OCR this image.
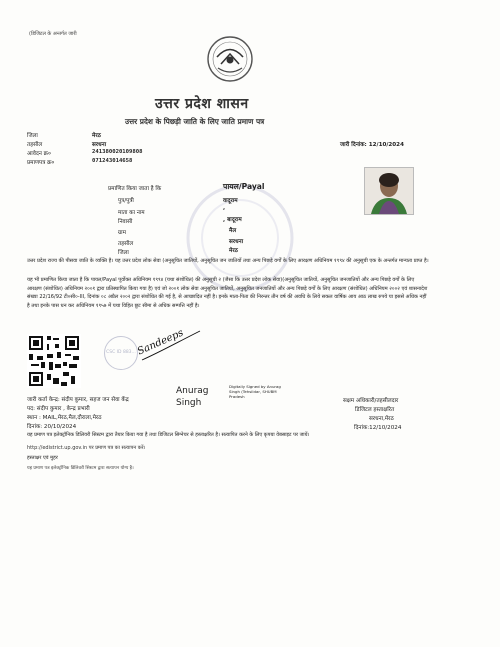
(डिजिटल के अन्तर्गत जारी
उत्तर प्रदेश शासन
उत्तर प्रदेश के पिछड़ी जाति के लिए जाति प्रमाण पत्र
जिला	मेरठ
तहसील	सरधना
आवेदन क्र०	241380020109808
प्रमाणपत्र क्र०	071243014658
जारी दिनांक: 12/10/2024
प्रमाणित किया जाता है कि	पायल/Payal
पुत्र/पुत्री	वादूराम
माता का नाम
,
निवासी	, बादूराम
ग्राम	मैल
तहसील	सरधना
जिला	मेरठ
उत्तर प्रदेश राज्य की पीसवा जाति के व्यक्ति है। यह उत्तर प्रदेश लोक सेवा (अनुसूचित जातियों, अनुसूचित जन जातियों तथा अन्य पिछड़े वर्गों के लिए आरक्षण अधिनियम १९९४ की अनुसूची एक के अन्तर्गत मान्यता प्राप्त है।
यह भी प्रमाणित किया जाता है कि पायल/Payal पूर्वोक्त अधिनियम १९९४ (यथा संशोधित) की अनुसूची २ (जैसा कि उत्तर प्रदेश लोक सेवा)(अनुसूचित जातियों, अनुसूचित जनजातियों और अन्य पिछड़े वर्गों के लिए आरक्षण (संशोधित) अधिनियम २००१ द्वारा प्रतिस्थापित किया गया है) एवं जो २००१ लोक सेवा अनुसूचित जातियों, अनुसूचित जनजातियों और अन्य पिछड़े वर्गों के लिए आरक्षण (संशोधित) अधिनियम २००२ एवं शासनादेश संख्या 22/16/92 टी०सी०-III, दिनांक ०८ अप्रैल २००२ द्वारा संशोधित की गई है, से आच्छादित नहीं है। इनके माता-पिता की निरन्तर तीन वर्ष की अवधि के लिये सकल वार्षिक आय आठ लाख रुपये या इससे अधिक नहीं है तथा इनके पास धन कर अधिनियम १९५७ में यथा विहित छूट सीमा से अधिक सम्पत्ति नहीं है।
CSC ID 883... Sandeeps
Anurag Singh
Digitally Signed by Anurag Singh (Tehsildar, SHUBM Pradesh
जारी कर्ता केन्द्र: संदीप कुमार, सहज जन सेवा केंद्र
पद: संदीप कुमार , केन्द्र प्रभारी
स्थान : MAIL,मेरठ,मैल,दौराला,मेरठ
दिनांक: 20/10/2024
सक्षम अधिकारी/तहसीलदार
डिजिटल हस्ताक्षरित
सरधना,मेरठ
दिनांक:12/10/2024
यह प्रमाण पत्र इलेक्ट्रॉनिक डिलिवरी सिस्टम द्वारा तैयार किया गया है तथा डिजिटल सिग्नेचर से हस्ताक्षरित है। सत्यापित करने के लिए कृपया वेबसाइट पर जायें।
http://edistrict.up.gov.in पर प्रमाण पत्र का सत्यापन करें।
हस्ताक्षर एवं मुहर
यह प्रमाण पत्र इलेक्ट्रॉनिक डिलिवरी सिस्टम द्वारा सत्यापन योग्य है।
